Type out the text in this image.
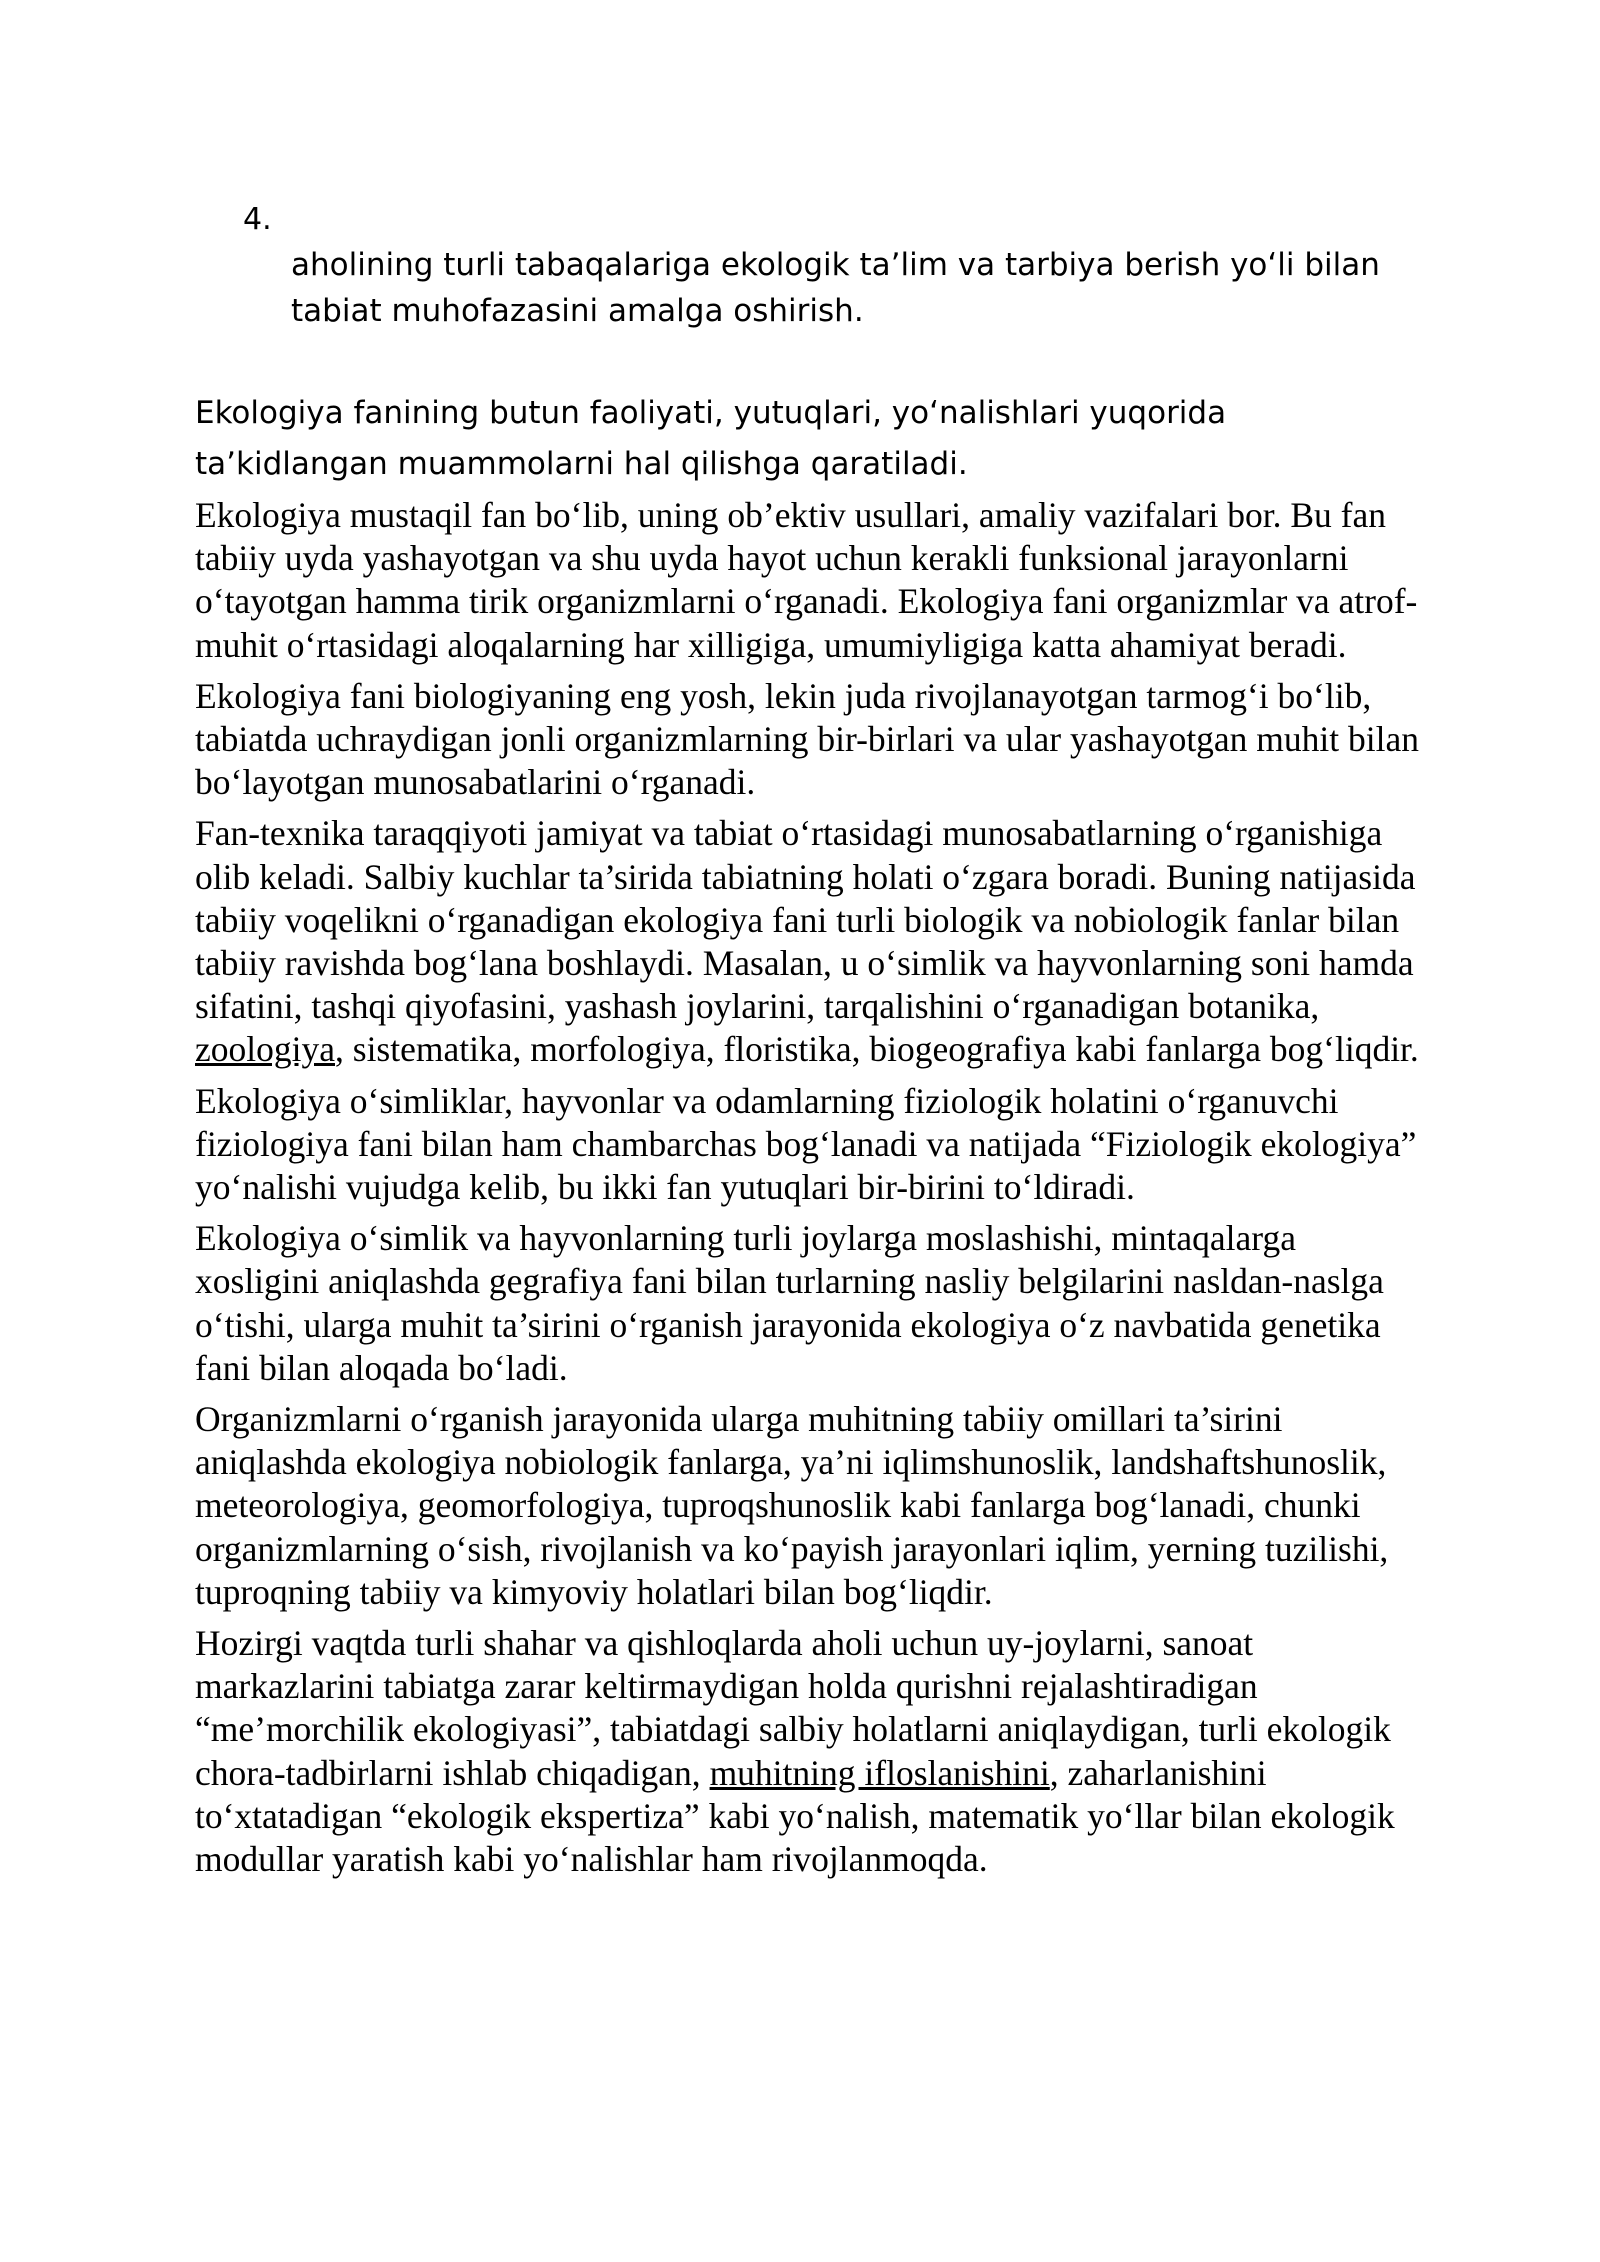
4.
aholining turli tabaqalariga ekologik ta’lim va tarbiya berish yo‘li bilan tabiat muhofazasini amalga oshirish.
Ekologiya fanining butun faoliyati, yutuqlari, yo‘nalishlari yuqorida ta’kidlangan muammolarni hal qilishga qaratiladi.

Ekologiya mustaqil fan bo‘lib, uning ob’ektiv usullari, amaliy vazifalari bor. Bu fan tabiiy uyda yashayotgan va shu uyda hayot uchun kerakli funksional jarayonlarni o‘tayotgan hamma tirik organizmlarni o‘rganadi. Ekologiya fani organizmlar va atrof-muhit o‘rtasidagi aloqalarning har xilligiga, umumiyligiga katta ahamiyat beradi.

Ekologiya fani biologiyaning eng yosh, lekin juda rivojlanayotgan tarmog‘i bo‘lib, tabiatda uchraydigan jonli organizmlarning bir-birlari va ular yashayotgan muhit bilan bo‘layotgan munosabatlarini o‘rganadi.

Fan-texnika taraqqiyoti jamiyat va tabiat o‘rtasidagi munosabatlarning o‘rganishiga olib keladi. Salbiy kuchlar ta’sirida tabiatning holati o‘zgara boradi. Buning natijasida tabiiy voqelikni o‘rganadigan ekologiya fani turli biologik va nobiologik fanlar bilan tabiiy ravishda bog‘lana boshlaydi. Masalan, u o‘simlik va hayvonlarning soni hamda sifatini, tashqi qiyofasini, yashash joylarini, tarqalishini o‘rganadigan botanika, zoologiya, sistematika, morfologiya, floristika, biogeografiya kabi fanlarga bog‘liqdir.

Ekologiya o‘simliklar, hayvonlar va odamlarning fiziologik holatini o‘rganuvchi fiziologiya fani bilan ham chambarchas bog‘lanadi va natijada “Fiziologik ekologiya” yo‘nalishi vujudga kelib, bu ikki fan yutuqlari bir-birini to‘ldiradi.

Ekologiya o‘simlik va hayvonlarning turli joylarga moslashishi, mintaqalarga xosligini aniqlashda gegrafiya fani bilan turlarning nasliy belgilarini nasldan-naslga o‘tishi, ularga muhit ta’sirini o‘rganish jarayonida ekologiya o‘z navbatida genetika fani bilan aloqada bo‘ladi.

Organizmlarni o‘rganish jarayonida ularga muhitning tabiiy omillari ta’sirini aniqlashda ekologiya nobiologik fanlarga, ya’ni iqlimshunoslik, landshaftshunoslik, meteorologiya, geomorfologiya, tuproqshunoslik kabi fanlarga bog‘lanadi, chunki organizmlarning o‘sish, rivojlanish va ko‘payish jarayonlari iqlim, yerning tuzilishi, tuproqning tabiiy va kimyoviy holatlari bilan bog‘liqdir.

Hozirgi vaqtda turli shahar va qishloqlarda aholi uchun uy-joylarni, sanoat markazlarini tabiatga zarar keltirmaydigan holda qurishni rejalashtiradigan “me’morchilik ekologiyasi”, tabiatdagi salbiy holatlarni aniqlaydigan, turli ekologik chora-tadbirlarni ishlab chiqadigan, muhitning ifloslanishini, zaharlanishini to‘xtatadigan “ekologik ekspertiza” kabi yo‘nalish, matematik yo‘llar bilan ekologik modullar yaratish kabi yo‘nalishlar ham rivojlanmoqda.
